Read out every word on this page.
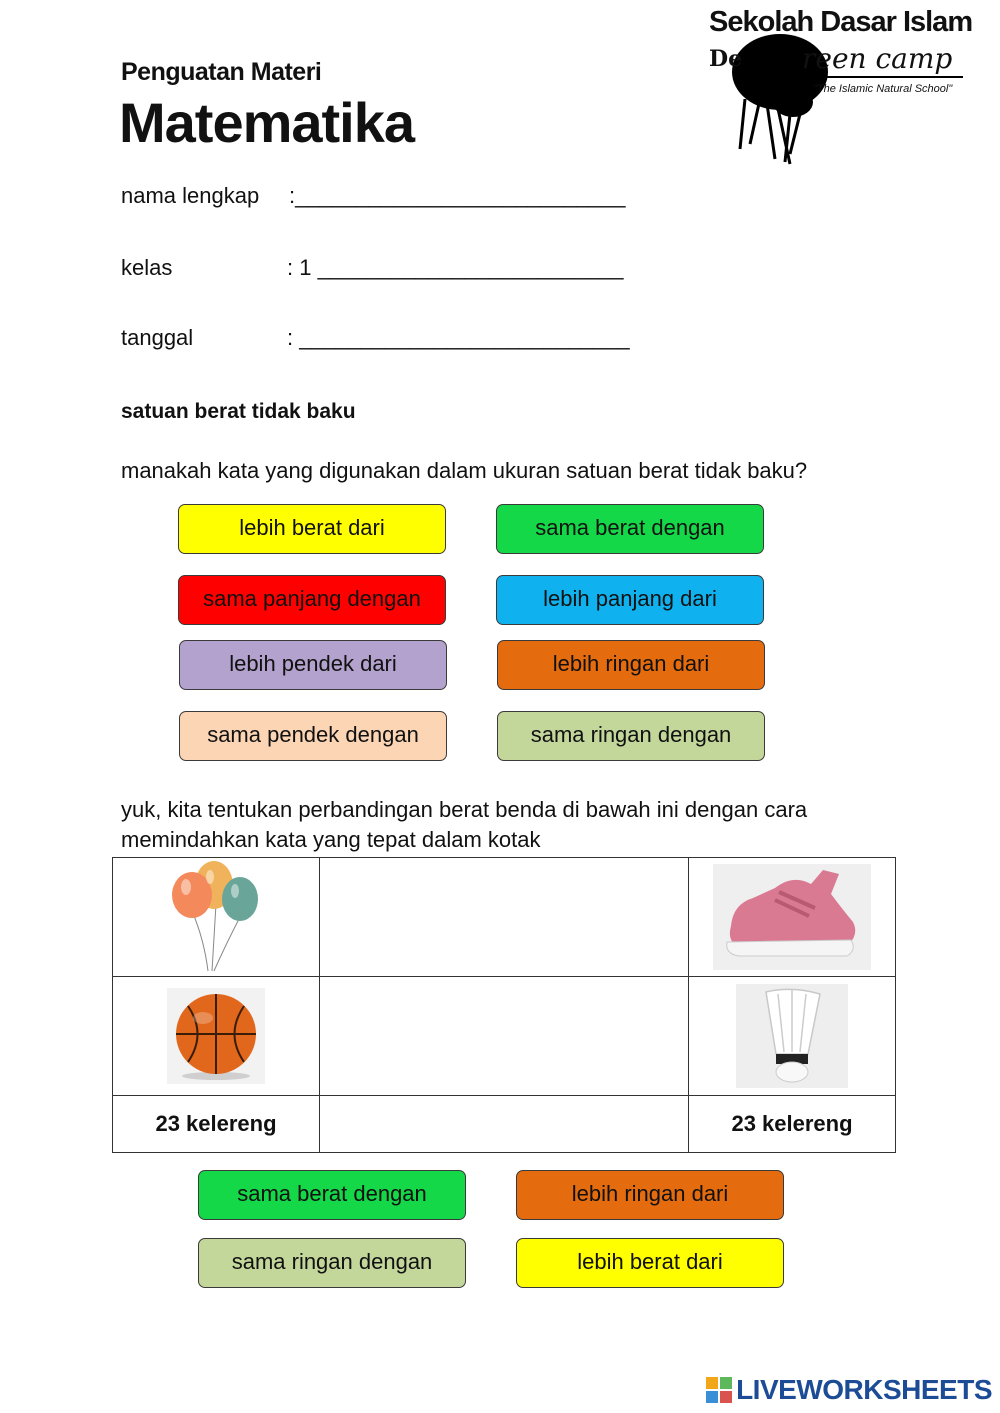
Penguatan Materi
Matematika
Sekolah Dasar Islam
De reen camp
"The Islamic Natural School"
nama lengkap :___________________________
kelas	: 1 _________________________
tanggal	: ___________________________
satuan berat tidak baku
manakah kata yang digunakan dalam ukuran satuan berat tidak baku?
lebih berat dari	sama berat dengan
sama panjang dengan	lebih panjang dari
lebih pendek dari	lebih ringan dari
sama pendek dengan	sama ringan dengan
yuk, kita tentukan perbandingan berat benda di bawah ini dengan cara memindahkan kata yang tepat dalam kotak

23 kelereng		23 kelereng
sama berat dengan	lebih ringan dari
sama ringan dengan	lebih berat dari
LIVEWORKSHEETS
